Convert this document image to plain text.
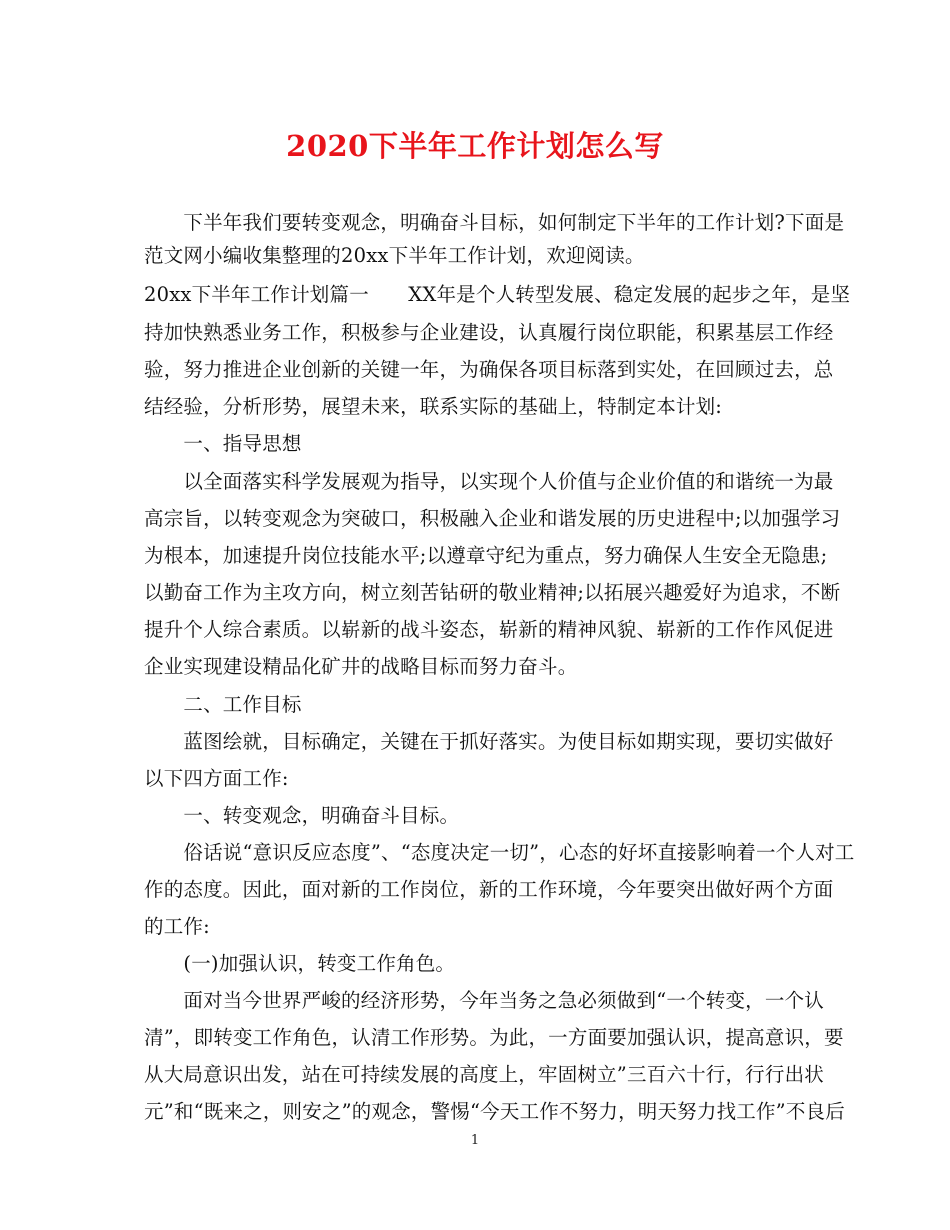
2020下半年工作计划怎么写
　　下半年我们要转变观念，明确奋斗目标，如何制定下半年的工作计划?下面是
范文网小编收集整理的20xx下半年工作计划，欢迎阅读。
20xx下半年工作计划篇一　　XX年是个人转型发展、稳定发展的起步之年，是坚
持加快熟悉业务工作，积极参与企业建设，认真履行岗位职能，积累基层工作经
验，努力推进企业创新的关键一年，为确保各项目标落到实处，在回顾过去，总
结经验，分析形势，展望未来，联系实际的基础上，特制定本计划:
　　一、指导思想
　　以全面落实科学发展观为指导，以实现个人价值与企业价值的和谐统一为最
高宗旨，以转变观念为突破口，积极融入企业和谐发展的历史进程中;以加强学习
为根本，加速提升岗位技能水平;以遵章守纪为重点，努力确保人生安全无隐患;
以勤奋工作为主攻方向，树立刻苦钻研的敬业精神;以拓展兴趣爱好为追求，不断
提升个人综合素质。以崭新的战斗姿态，崭新的精神风貌、崭新的工作作风促进
企业实现建设精品化矿井的战略目标而努力奋斗。
　　二、工作目标
　　蓝图绘就，目标确定，关键在于抓好落实。为使目标如期实现，要切实做好
以下四方面工作:
　　一、转变观念，明确奋斗目标。
　　俗话说“意识反应态度”、“态度决定一切”，心态的好坏直接影响着一个人对工
作的态度。因此，面对新的工作岗位，新的工作环境，今年要突出做好两个方面
的工作:
　　(一)加强认识，转变工作角色。
　　面对当今世界严峻的经济形势，今年当务之急必须做到“一个转变，一个认
清”，即转变工作角色，认清工作形势。为此，一方面要加强认识，提高意识，要
从大局意识出发，站在可持续发展的高度上，牢固树立”三百六十行，行行出状
元”和“既来之，则安之”的观念，警惕“今天工作不努力，明天努力找工作”不良后
1
